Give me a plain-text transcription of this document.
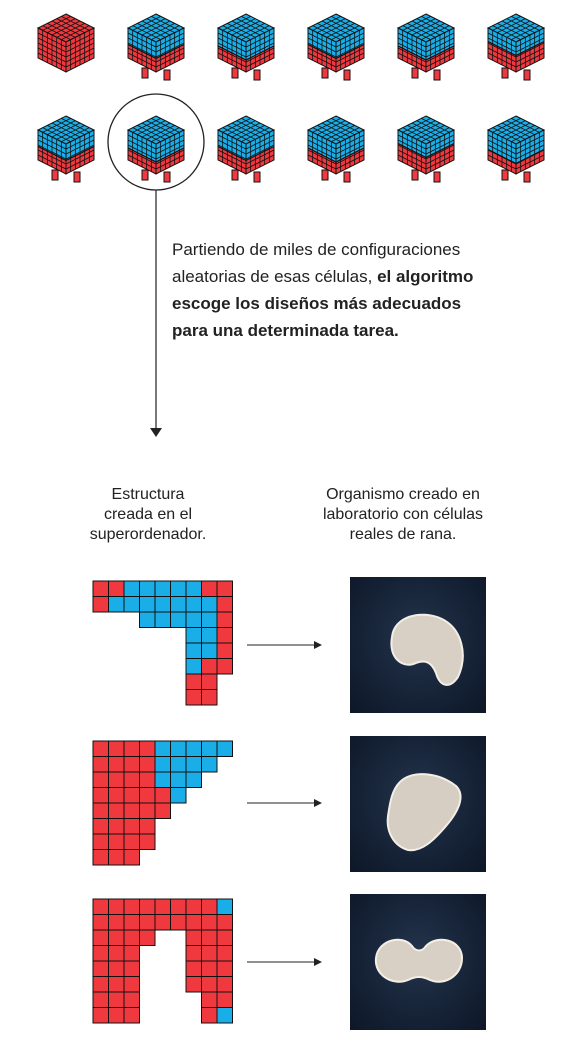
Partiendo de miles de configuraciones
aleatorias de esas células, el algoritmo
escoge los diseños más adecuados
para una determinada tarea.

Estructura
creada en el
superordenador.

Organismo creado en
laboratorio con células
reales de rana.
